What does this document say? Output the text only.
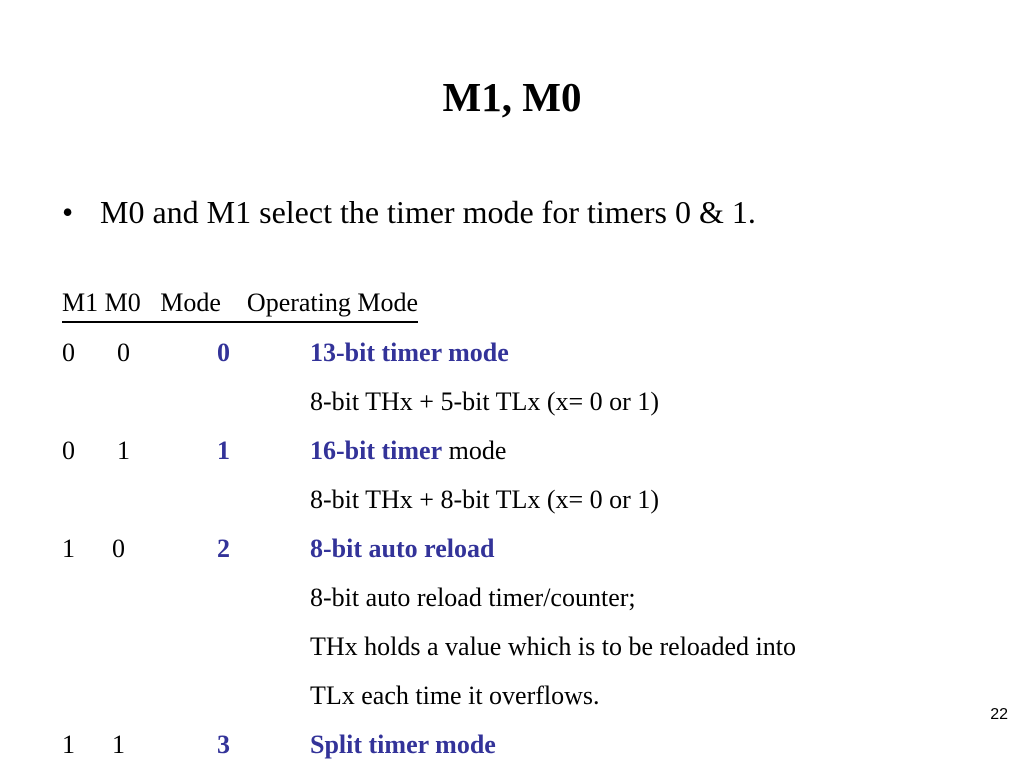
M1, M0
• M0 and M1 select the timer mode for timers 0 & 1.
M1 M0 Mode Operating Mode
0 0	0	13-bit timer mode
8-bit THx + 5-bit TLx (x= 0 or 1)
0 1	1	16-bit timer mode
8-bit THx + 8-bit TLx (x= 0 or 1)
1 0	2	8-bit auto reload
8-bit auto reload timer/counter;
THx holds a value which is to be reloaded into
TLx each time it overflows.
1 1	3	Split timer mode
22
